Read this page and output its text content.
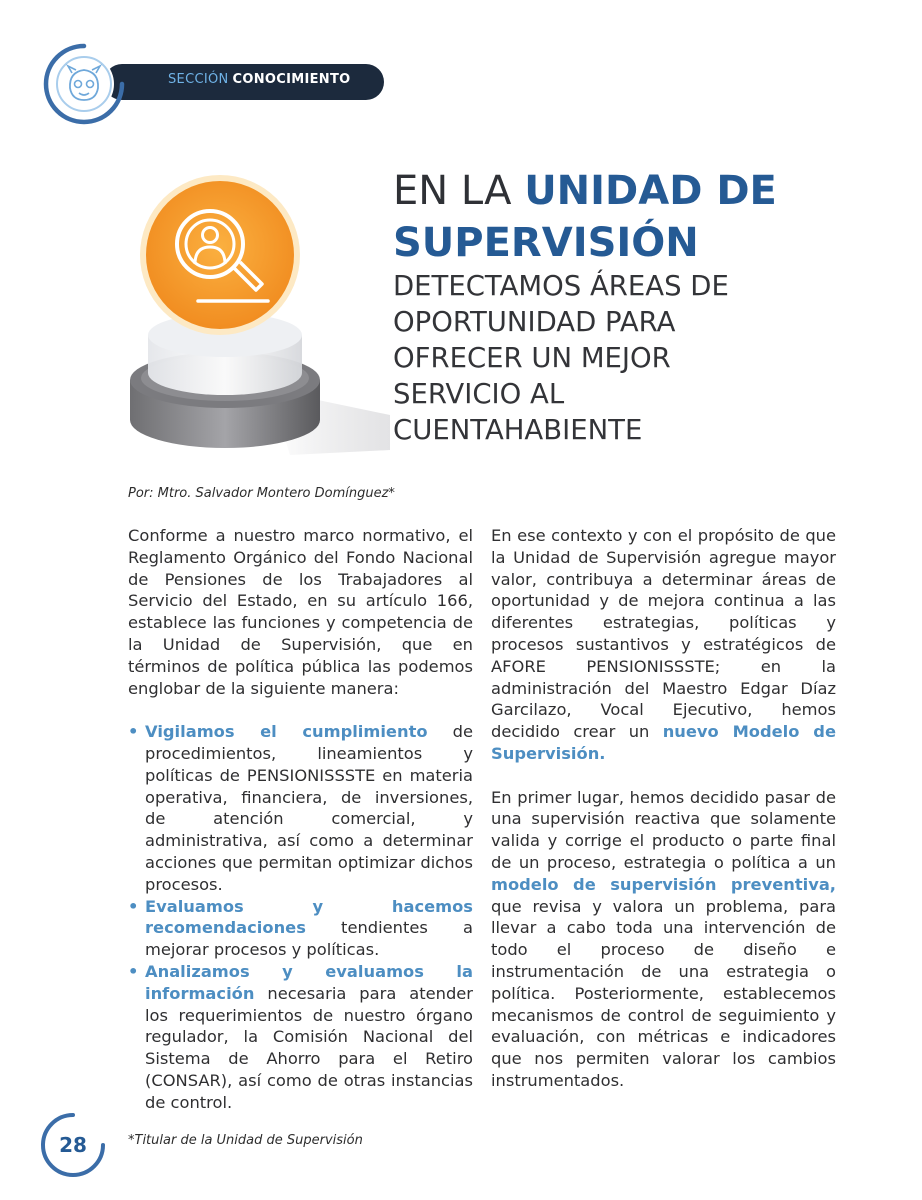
SECCIÓN CONOCIMIENTO
EN LA UNIDAD DE SUPERVISIÓN
DETECTAMOS ÁREAS DE
OPORTUNIDAD PARA
OFRECER UN MEJOR
SERVICIO AL
CUENTAHABIENTE
Por: Mtro. Salvador Montero Domínguez*

Conforme a nuestro marco normativo, el Reglamento Orgánico del Fondo Nacional de Pensiones de los Trabajadores al Servicio del Estado, en su artículo 166, establece las funciones y competencia de la Unidad de Supervisión, que en términos de política pública las podemos englobar de la siguiente manera:

• Vigilamos el cumplimiento de procedimientos, lineamientos y políticas de PENSIONISSSTE en materia operativa, financiera, de inversiones, de atención comercial, y administrativa, así como a determinar acciones que permitan optimizar dichos procesos.
• Evaluamos y hacemos recomendaciones tendientes a mejorar procesos y políticas.
• Analizamos y evaluamos la información necesaria para atender los requerimientos de nuestro órgano regulador, la Comisión Nacional del Sistema de Ahorro para el Retiro (CONSAR), así como de otras instancias de control.

En ese contexto y con el propósito de que la Unidad de Supervisión agregue mayor valor, contribuya a determinar áreas de oportunidad y de mejora continua a las diferentes estrategias, políticas y procesos sustantivos y estratégicos de AFORE PENSIONISSSTE; en la administración del Maestro Edgar Díaz Garcilazo, Vocal Ejecutivo, hemos decidido crear un nuevo Modelo de Supervisión.

En primer lugar, hemos decidido pasar de una supervisión reactiva que solamente valida y corrige el producto o parte final de un proceso, estrategia o política a un modelo de supervisión preventiva, que revisa y valora un problema, para llevar a cabo toda una intervención de todo el proceso de diseño e instrumentación de una estrategia o política. Posteriormente, establecemos mecanismos de control de seguimiento y evaluación, con métricas e indicadores que nos permiten valorar los cambios instrumentados.

28	*Titular de la Unidad de Supervisión
